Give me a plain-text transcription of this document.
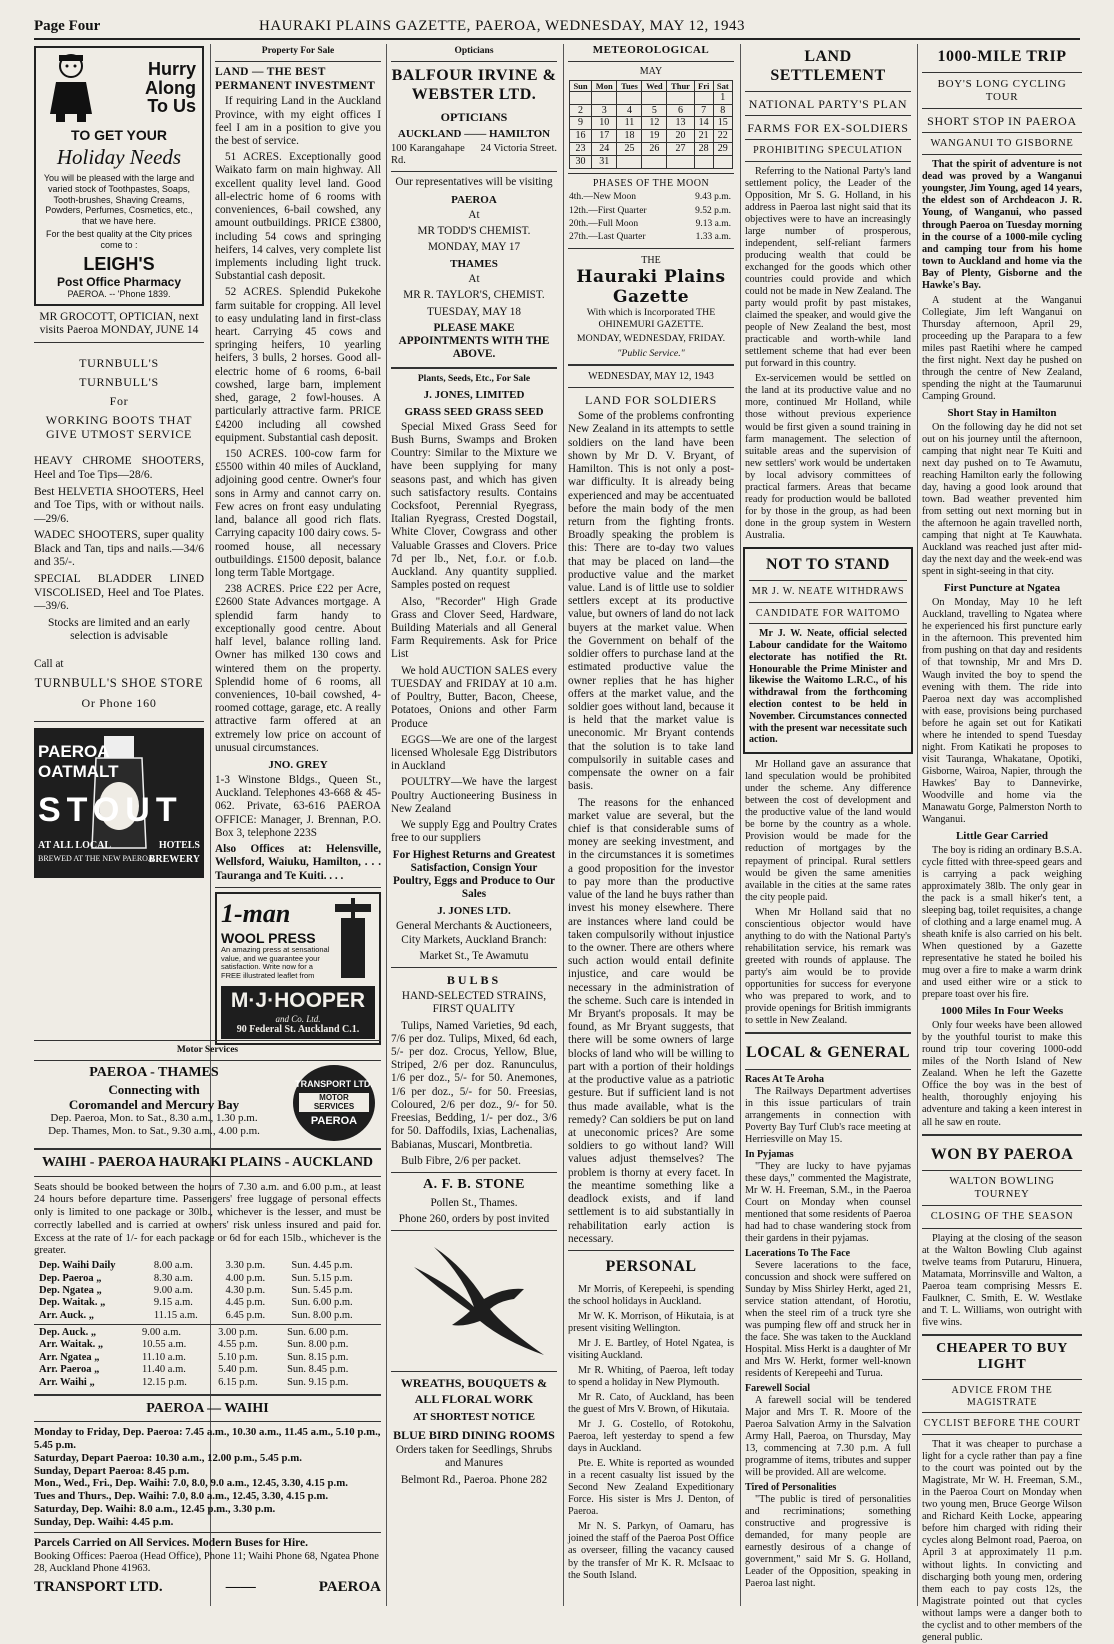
Page Four	HAURAKI PLAINS GAZETTE, PAEROA, WEDNESDAY, MAY 12, 1943
Hurry
Along
To Us
TO GET YOUR
Holiday Needs

You will be pleased with the large and varied stock of Toothpastes, Soaps, Tooth-brushes, Shaving Creams, Powders, Perfumes, Cosmetics, etc., that we have here.

For the best quality at the City prices come to :

LEIGH'S
Post Office Pharmacy
PAEROA. -- 'Phone 1839.

MR GROCOTT, OPTICIAN, next visits Paeroa MONDAY, JUNE 14

TURNBULL'S
TURNBULL'S
For
WORKING BOOTS THAT GIVE UTMOST SERVICE

HEAVY CHROME SHOOTERS, Heel and Toe Tips—28/6.

Best HELVETIA SHOOTERS, Heel and Toe Tips, with or without nails.—29/6.

WADEC SHOOTERS, super quality Black and Tan, tips and nails.—34/6 and 35/-.

SPECIAL BLADDER LINED VISCOLISED, Heel and Toe Plates.—39/6.

Stocks are limited and an early selection is advisable

Call at

TURNBULL'S SHOE STORE
Or Phone 160
PAEROA
OATMALT
STOUT
AT ALL LOCAL	HOTELS
BREWED AT THE NEW PAEROA
BREWERY
Property For Sale
LAND — THE BEST PERMANENT INVESTMENT

If requiring Land in the Auckland Province, with my eight offices I feel I am in a position to give you the best of service.

51 ACRES. Exceptionally good Waikato farm on main highway. All excellent quality level land. Good all-electric home of 6 rooms with conveniences, 6-bail cowshed, any amount outbuildings. PRICE £3800, including 54 cows and springing heifers, 14 calves, very complete list implements including light truck. Substantial cash deposit.

52 ACRES. Splendid Pukekohe farm suitable for cropping. All level to easy undulating land in first-class heart. Carrying 45 cows and springing heifers, 10 yearling heifers, 3 bulls, 2 horses. Good all-electric home of 6 rooms, 6-bail cowshed, large barn, implement shed, garage, 2 fowl-houses. A particularly attractive farm. PRICE £4200 including all cowshed equipment. Substantial cash deposit.

150 ACRES. 100-cow farm for £5500 within 40 miles of Auckland, adjoining good centre. Owner's four sons in Army and cannot carry on. Few acres on front easy undulating land, balance all good rich flats. Carrying capacity 100 dairy cows. 5-roomed house, all necessary outbuildings. £1500 deposit, balance long term Table Mortgage.

238 ACRES. Price £22 per Acre, £2600 State Advances mortgage. A splendid farm handy to exceptionally good centre. About half level, balance rolling land. Owner has milked 130 cows and wintered them on the property. Splendid home of 6 rooms, all conveniences, 10-bail cowshed, 4-roomed cottage, garage, etc. A really attractive farm offered at an extremely low price on account of unusual circumstances.

JNO. GREY

1-3 Winstone Bldgs., Queen St., Auckland. Telephones 43-668 & 45-062. Private, 63-616 PAEROA OFFICE: Manager, J. Brennan, P.O. Box 3, telephone 223S

Also Offices at: Helensville, Wellsford, Waiuku, Hamilton, . . . Tauranga and Te Kuiti. . . .

1-man
WOOL PRESS
An amazing press at sensational value, and we guarantee your satisfaction. Write now for a FREE illustrated leaflet from
M·J·HOOPER
and Co. Ltd.
90 Federal St. Auckland C.1.
Opticians
BALFOUR IRVINE & WEBSTER LTD.
OPTICIANS
AUCKLAND —— HAMILTON
100 Karangahape Rd.
24 Victoria Street.

Our representatives will be visiting

PAEROA

At

MR TODD'S CHEMIST.

MONDAY, MAY 17

THAMES

At

MR R. TAYLOR'S, CHEMIST.

TUESDAY, MAY 18

PLEASE MAKE APPOINTMENTS WITH THE ABOVE.

Plants, Seeds, Etc., For Sale
J. JONES, LIMITED
GRASS SEED GRASS SEED

Special Mixed Grass Seed for Bush Burns, Swamps and Broken Country: Similar to the Mixture we have been supplying for many seasons past, and which has given such satisfactory results. Contains Cocksfoot, Perennial Ryegrass, Italian Ryegrass, Crested Dogstail, White Clover, Cowgrass and other Valuable Grasses and Clovers. Price 7d per lb., Net, f.o.r. or f.o.b. Auckland. Any quantity supplied. Samples posted on request

Also, "Recorder" High Grade Grass and Clover Seed, Hardware, Building Materials and all General Farm Requirements. Ask for Price List

We hold AUCTION SALES every TUESDAY and FRIDAY at 10 a.m. of Poultry, Butter, Bacon, Cheese, Potatoes, Onions and other Farm Produce

EGGS—We are one of the largest licensed Wholesale Egg Distributors in Auckland

POULTRY—We have the largest Poultry Auctioneering Business in New Zealand

We supply Egg and Poultry Crates free to our suppliers

For Highest Returns and Greatest Satisfaction, Consign Your Poultry, Eggs and Produce to Our Sales

J. JONES LTD.

General Merchants & Auctioneers, City Markets, Auckland Branch:

Market St., Te Awamutu

BULBS

HAND-SELECTED STRAINS, FIRST QUALITY

Tulips, Named Varieties, 9d each, 7/6 per doz. Tulips, Mixed, 6d each, 5/- per doz. Crocus, Yellow, Blue, Striped, 2/6 per doz. Ranunculus, 1/6 per doz., 5/- for 50. Anemones, 1/6 per doz., 5/- for 50. Freesias, Coloured, 2/6 per doz., 9/- for 50. Freesias, Bedding, 1/- per doz., 3/6 for 50. Daffodils, Ixias, Lachenalias, Babianas, Muscari, Montbretia.

Bulb Fibre, 2/6 per packet.

A. F. B. STONE

Pollen St., Thames.

Phone 260, orders by post invited

WREATHS, BOUQUETS & ALL FLORAL WORK
AT SHORTEST NOTICE
BLUE BIRD DINING ROOMS

Orders taken for Seedlings, Shrubs and Manures

Belmont Rd., Paeroa. Phone 282

METEOROLOGICAL
MAY
Sun	Mon	Tues	Wed	Thur	Fri	Sat
						1
2	3	4	5	6	7	8
9	10	11	12	13	14	15
16	17	18	19	20	21	22
23	24	25	26	27	28	29
30	31					
PHASES OF THE MOON
4th.—New Moon	9.43 p.m.
12th.—First Quarter	9.52 p.m.
20th.—Full Moon	9.13 a.m.
27th.—Last Quarter	1.33 a.m.
THE
Hauraki Plains Gazette

With which is Incorporated THE OHINEMURI GAZETTE.

MONDAY, WEDNESDAY, FRIDAY.

"Public Service."

WEDNESDAY, MAY 12, 1943
LAND FOR SOLDIERS

Some of the problems confronting New Zealand in its attempts to settle soldiers on the land have been shown by Mr D. V. Bryant, of Hamilton. This is not only a post-war difficulty. It is already being experienced and may be accentuated before the main body of the men return from the fighting fronts. Broadly speaking the problem is this: There are to-day two values that may be placed on land—the productive value and the market value. Land is of little use to soldier settlers except at its productive value, but owners of land do not lack buyers at the market value. When the Government on behalf of the soldier offers to purchase land at the estimated productive value the owner replies that he has higher offers at the market value, and the soldier goes without land, because it is held that the market value is uneconomic. Mr Bryant contends that the solution is to take land compulsorily in suitable cases and compensate the owner on a fair basis.

The reasons for the enhanced market value are several, but the chief is that considerable sums of money are seeking investment, and in the circumstances it is sometimes a good proposition for the investor to pay more than the productive value of the land he buys rather than invest his money elsewhere. There are instances where land could be taken compulsorily without injustice to the owner. There are others where such action would entail definite injustice, and care would be necessary in the administration of the scheme. Such care is intended in Mr Bryant's proposals. It may be found, as Mr Bryant suggests, that there will be some owners of large blocks of land who will be willing to part with a portion of their holdings at the productive value as a patriotic gesture. But if sufficient land is not thus made available, what is the remedy? Can soldiers be put on land at uneconomic prices? Are some soldiers to go without land? Will values adjust themselves? The problem is thorny at every facet. In the meantime something like a deadlock exists, and if land settlement is to aid substantially in rehabilitation early action is necessary.

PERSONAL

Mr Morris, of Kerepeehi, is spending the school holidays in Auckland.

Mr W. K. Morrison, of Hikutaia, is at present visiting Wellington.

Mr J. E. Bartley, of Hotel Ngatea, is visiting Auckland.

Mr R. Whiting, of Paeroa, left today to spend a holiday in New Plymouth.

Mr R. Cato, of Auckland, has been the guest of Mrs V. Brown, of Hikutaia.

Mr J. G. Costello, of Rotokohu, Paeroa, left yesterday to spend a few days in Auckland.

Pte. E. White is reported as wounded in a recent casualty list issued by the Second New Zealand Expeditionary Force. His sister is Mrs J. Denton, of Paeroa.

Mr N. S. Parkyn, of Oamaru, has joined the staff of the Paeroa Post Office as overseer, filling the vacancy caused by the transfer of Mr K. R. McIsaac to the South Island.

LAND SETTLEMENT
NATIONAL PARTY'S PLAN
FARMS FOR EX-SOLDIERS
PROHIBITING SPECULATION

Referring to the National Party's land settlement policy, the Leader of the Opposition, Mr S. G. Holland, in his address in Paeroa last night said that its objectives were to have an increasingly large number of prosperous, independent, self-reliant farmers producing wealth that could be exchanged for the goods which other countries could provide and which could not be made in New Zealand. The party would profit by past mistakes, claimed the speaker, and would give the people of New Zealand the best, most practicable and worth-while land settlement scheme that had ever been put forward in this country.

Ex-servicemen would be settled on the land at its productive value and no more, continued Mr Holland, while those without previous experience would be first given a sound training in farm management. The selection of suitable areas and the supervision of new settlers' work would be undertaken by local advisory committees of practical farmers. Areas that became ready for production would be balloted for by those in the group, as had been done in the group system in Western Australia.

NOT TO STAND
MR J. W. NEATE WITHDRAWS
CANDIDATE FOR WAITOMO

Mr J. W. Neate, official selected Labour candidate for the Waitomo electorate has notified the Rt. Honourable the Prime Minister and likewise the Waitomo L.R.C., of his withdrawal from the forthcoming election contest to be held in November. Circumstances connected with the present war necessitate such action.

Mr Holland gave an assurance that land speculation would be prohibited under the scheme. Any difference between the cost of development and the productive value of the land would be borne by the country as a whole. Provision would be made for the reduction of mortgages by the repayment of principal. Rural settlers would be given the same amenities available in the cities at the same rates the city people paid.

When Mr Holland said that no conscientious objector would have anything to do with the National Party's rehabilitation service, his remark was greeted with rounds of applause. The party's aim would be to provide opportunities for success for everyone who was prepared to work, and to provide openings for British immigrants to settle in New Zealand.

LOCAL & GENERAL
Races At Te Aroha

The Railways Department advertises in this issue particulars of train arrangements in connection with Poverty Bay Turf Club's race meeting at Herriesville on May 15.

In Pyjamas

"They are lucky to have pyjamas these days," commented the Magistrate, Mr W. H. Freeman, S.M., in the Paeroa Court on Monday when counsel mentioned that some residents of Paeroa had had to chase wandering stock from their gardens in their pyjamas.

Lacerations To The Face

Severe lacerations to the face, concussion and shock were suffered on Sunday by Miss Shirley Herkt, aged 21, service station attendant, of Horotiu, when the steel rim of a truck tyre she was pumping flew off and struck her in the face. She was taken to the Auckland Hospital. Miss Herkt is a daughter of Mr and Mrs W. Herkt, former well-known residents of Kerepeehi and Turua.

Farewell Social

A farewell social will be tendered Major and Mrs T. R. Moore of the Paeroa Salvation Army in the Salvation Army Hall, Paeroa, on Thursday, May 13, commencing at 7.30 p.m. A full programme of items, tributes and supper will be provided. All are welcome.

Tired of Personalities

"The public is tired of personalities and recriminations; something constructive and progressive is demanded, for many people are earnestly desirous of a change of government," said Mr S. G. Holland, Leader of the Opposition, speaking in Paeroa last night.

1000-MILE TRIP
BOY'S LONG CYCLING TOUR
SHORT STOP IN PAEROA
WANGANUI TO GISBORNE

That the spirit of adventure is not dead was proved by a Wanganui youngster, Jim Young, aged 14 years, the eldest son of Archdeacon J. R. Young, of Wanganui, who passed through Paeroa on Tuesday morning in the course of a 1000-mile cycling and camping tour from his home town to Auckland and home via the Bay of Plenty, Gisborne and the Hawke's Bay.

A student at the Wanganui Collegiate, Jim left Wanganui on Thursday afternoon, April 29, proceeding up the Parapara to a few miles past Raetihi where he camped the first night. Next day he pushed on through the centre of New Zealand, spending the night at the Taumarunui Camping Ground.

Short Stay in Hamilton

On the following day he did not set out on his journey until the afternoon, camping that night near Te Kuiti and next day pushed on to Te Awamutu, reaching Hamilton early the following day, having a good look around that town. Bad weather prevented him from setting out next morning but in the afternoon he again travelled north, camping that night at Te Kauwhata. Auckland was reached just after mid-day the next day and the week-end was spent in sight-seeing in that city.

First Puncture at Ngatea

On Monday, May 10 he left Auckland, travelling to Ngatea where he experienced his first puncture early in the afternoon. This prevented him from pushing on that day and residents of that township, Mr and Mrs D. Waugh invited the boy to spend the evening with them. The ride into Paeroa next day was accomplished with ease, provisions being purchased before he again set out for Katikati where he intended to spend Tuesday night. From Katikati he proposes to visit Tauranga, Whakatane, Opotiki, Gisborne, Wairoa, Napier, through the Hawkes' Bay to Dannevirke, Woodville and home via the Manawatu Gorge, Palmerston North to Wanganui.

Little Gear Carried

The boy is riding an ordinary B.S.A. cycle fitted with three-speed gears and is carrying a pack weighing approximately 38lb. The only gear in the pack is a small hiker's tent, a sleeping bag, toilet requisites, a change of clothing and a large enamel mug. A sheath knife is also carried on his belt. When questioned by a Gazette representative he stated he boiled his mug over a fire to make a warm drink and used either wire or a stick to prepare toast over his fire.

1000 Miles In Four Weeks

Only four weeks have been allowed by the youthful tourist to make this round trip tour covering 1000-odd miles of the North Island of New Zealand. When he left the Gazette Office the boy was in the best of health, thoroughly enjoying his adventure and taking a keen interest in all he saw en route.

WON BY PAEROA
WALTON BOWLING TOURNEY
CLOSING OF THE SEASON

Playing at the closing of the season at the Walton Bowling Club against twelve teams from Putaruru, Hinuera, Matamata, Morrinsville and Walton, a Paeroa team comprising Messrs E. Faulkner, C. Smith, E. W. Westlake and T. L. Williams, won outright with five wins.

CHEAPER TO BUY LIGHT
ADVICE FROM THE MAGISTRATE
CYCLIST BEFORE THE COURT

That it was cheaper to purchase a light for a cycle rather than pay a fine to the court was pointed out by the Magistrate, Mr W. H. Freeman, S.M., in the Paeroa Court on Monday when two young men, Bruce George Wilson and Richard Keith Locke, appearing before him charged with riding their cycles along Belmont road, Paeroa, on April 3 at approximately 11 p.m. without lights. In convicting and discharging both young men, ordering them each to pay costs 12s, the Magistrate pointed out that cycles without lamps were a danger both to the cyclist and to other members of the general public.

Motor Services
PAEROA - THAMES
Connecting with
Coromandel and Mercury Bay
Dep. Paeroa, Mon. to Sat., 8.30 a.m., 1.30 p.m.
Dep. Thames, Mon. to Sat., 9.30 a.m., 4.00 p.m.
TRANSPORT LTD.
MOTOR SERVICES
PAEROA
WAIHI - PAEROA HAURAKI PLAINS - AUCKLAND

Seats should be booked between the hours of 7.30 a.m. and 6.00 p.m., at least 24 hours before departure time. Passengers' free luggage of personal effects only is limited to one package or 30lb., whichever is the lesser, and must be correctly labelled and is carried at owners' risk unless insured and paid for. Excess at the rate of 1/- for each package or 6d for each 15lb., whichever is the greater.

Dep. Waihi Daily	8.00 a.m.	3.30 p.m.	Sun. 4.45 p.m.
Dep. Paeroa „	8.30 a.m.	4.00 p.m.	Sun. 5.15 p.m.
Dep. Ngatea „	9.00 a.m.	4.30 p.m.	Sun. 5.45 p.m.
Dep. Waitak. „	9.15 a.m.	4.45 p.m.	Sun. 6.00 p.m.
Arr. Auck. „	11.15 a.m.	6.45 p.m.	Sun. 8.00 p.m.
Dep. Auck. „	9.00 a.m.	3.00 p.m.	Sun. 6.00 p.m.
Arr. Waitak. „	10.55 a.m.	4.55 p.m.	Sun. 8.00 p.m.
Arr. Ngatea „	11.10 a.m.	5.10 p.m.	Sun. 8.15 p.m.
Arr. Paeroa „	11.40 a.m.	5.40 p.m.	Sun. 8.45 p.m.
Arr. Waihi „	12.15 p.m.	6.15 p.m.	Sun. 9.15 p.m.
PAEROA — WAIHI
Monday to Friday, Dep. Paeroa: 7.45 a.m., 10.30 a.m., 11.45 a.m., 5.10 p.m., 5.45 p.m.
Saturday, Depart Paeroa: 10.30 a.m., 12.00 p.m., 5.45 p.m.
Sunday, Depart Paeroa: 8.45 p.m.
Mon., Wed., Fri., Dep. Waihi: 7.0, 8.0, 9.0 a.m., 12.45, 3.30, 4.15 p.m.
Tues and Thurs., Dep. Waihi: 7.0, 8.0 a.m., 12.45, 3.30, 4.15 p.m.
Saturday, Dep. Waihi: 8.0 a.m., 12.45 p.m., 3.30 p.m.
Sunday, Dep. Waihi: 4.45 p.m.
Parcels Carried on All Services. Modern Buses for Hire.
Booking Offices: Paeroa (Head Office), Phone 11; Waihi Phone 68, Ngatea Phone 28, Auckland Phone 41963.
TRANSPORT LTD.	——	PAEROA
